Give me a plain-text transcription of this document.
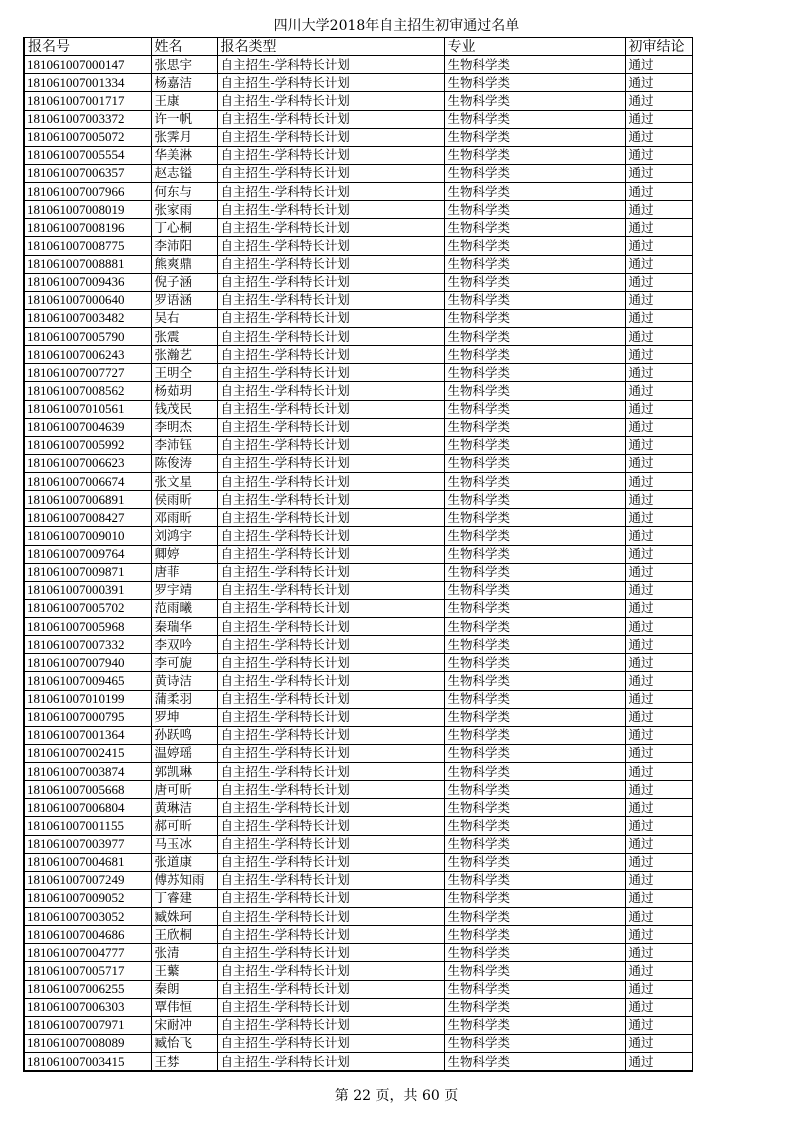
四川大学2018年自主招生初审通过名单
报名号	姓名	报名类型	专业	初审结论
181061007000147	张思宇	自主招生-学科特长计划	生物科学类	通过
181061007001334	杨嘉洁	自主招生-学科特长计划	生物科学类	通过
181061007001717	王康	自主招生-学科特长计划	生物科学类	通过
181061007003372	许一帆	自主招生-学科特长计划	生物科学类	通过
181061007005072	张霁月	自主招生-学科特长计划	生物科学类	通过
181061007005554	华美淋	自主招生-学科特长计划	生物科学类	通过
181061007006357	赵志镒	自主招生-学科特长计划	生物科学类	通过
181061007007966	何东与	自主招生-学科特长计划	生物科学类	通过
181061007008019	张家雨	自主招生-学科特长计划	生物科学类	通过
181061007008196	丁心桐	自主招生-学科特长计划	生物科学类	通过
181061007008775	李沛阳	自主招生-学科特长计划	生物科学类	通过
181061007008881	熊爽鼎	自主招生-学科特长计划	生物科学类	通过
181061007009436	倪子涵	自主招生-学科特长计划	生物科学类	通过
181061007000640	罗语涵	自主招生-学科特长计划	生物科学类	通过
181061007003482	吴右	自主招生-学科特长计划	生物科学类	通过
181061007005790	张震	自主招生-学科特长计划	生物科学类	通过
181061007006243	张瀚艺	自主招生-学科特长计划	生物科学类	通过
181061007007727	王明仝	自主招生-学科特长计划	生物科学类	通过
181061007008562	杨茹玥	自主招生-学科特长计划	生物科学类	通过
181061007010561	钱茂民	自主招生-学科特长计划	生物科学类	通过
181061007004639	李明杰	自主招生-学科特长计划	生物科学类	通过
181061007005992	李沛钰	自主招生-学科特长计划	生物科学类	通过
181061007006623	陈俊涛	自主招生-学科特长计划	生物科学类	通过
181061007006674	张文星	自主招生-学科特长计划	生物科学类	通过
181061007006891	侯雨昕	自主招生-学科特长计划	生物科学类	通过
181061007008427	邓雨昕	自主招生-学科特长计划	生物科学类	通过
181061007009010	刘鸿宇	自主招生-学科特长计划	生物科学类	通过
181061007009764	卿婷	自主招生-学科特长计划	生物科学类	通过
181061007009871	唐菲	自主招生-学科特长计划	生物科学类	通过
181061007000391	罗宇靖	自主招生-学科特长计划	生物科学类	通过
181061007005702	范雨曦	自主招生-学科特长计划	生物科学类	通过
181061007005968	秦瑞华	自主招生-学科特长计划	生物科学类	通过
181061007007332	李双吟	自主招生-学科特长计划	生物科学类	通过
181061007007940	李可旎	自主招生-学科特长计划	生物科学类	通过
181061007009465	黄诗洁	自主招生-学科特长计划	生物科学类	通过
181061007010199	蒲柔羽	自主招生-学科特长计划	生物科学类	通过
181061007000795	罗坤	自主招生-学科特长计划	生物科学类	通过
181061007001364	孙跃鸣	自主招生-学科特长计划	生物科学类	通过
181061007002415	温婷瑶	自主招生-学科特长计划	生物科学类	通过
181061007003874	郭凯琳	自主招生-学科特长计划	生物科学类	通过
181061007005668	唐可昕	自主招生-学科特长计划	生物科学类	通过
181061007006804	黄琳洁	自主招生-学科特长计划	生物科学类	通过
181061007001155	郝可昕	自主招生-学科特长计划	生物科学类	通过
181061007003977	马玉冰	自主招生-学科特长计划	生物科学类	通过
181061007004681	张道康	自主招生-学科特长计划	生物科学类	通过
181061007007249	傅苏知雨	自主招生-学科特长计划	生物科学类	通过
181061007009052	丁睿建	自主招生-学科特长计划	生物科学类	通过
181061007003052	臧姝珂	自主招生-学科特长计划	生物科学类	通过
181061007004686	王欣桐	自主招生-学科特长计划	生物科学类	通过
181061007004777	张清	自主招生-学科特长计划	生物科学类	通过
181061007005717	王蘩	自主招生-学科特长计划	生物科学类	通过
181061007006255	秦朗	自主招生-学科特长计划	生物科学类	通过
181061007006303	覃伟恒	自主招生-学科特长计划	生物科学类	通过
181061007007971	宋耐冲	自主招生-学科特长计划	生物科学类	通过
181061007008089	臧怡飞	自主招生-学科特长计划	生物科学类	通过
181061007003415	王棼	自主招生-学科特长计划	生物科学类	通过
第 22 页，共 60 页
